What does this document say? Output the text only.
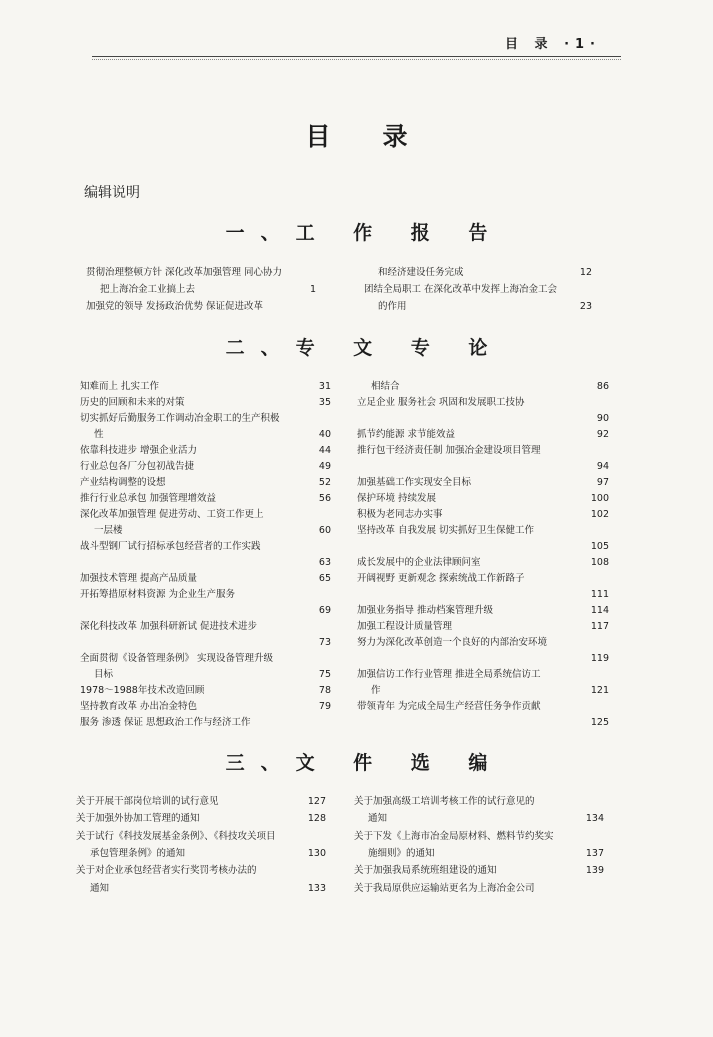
目 录 ·1·
目录
编辑说明
一、工 作 报 告
贯彻治理整顿方针 深化改革加强管理 同心协力
把上海冶金工业搞上去	1
加强党的领导 发扬政治优势 保证促进改革
和经济建设任务完成	12
团结全局职工 在深化改革中发挥上海冶金工会
的作用	23
二、专 文 专 论
知难而上 扎实工作	31
历史的回顾和未来的对策	35
切实抓好后勤服务工作调动冶金职工的生产积极
性	40
依靠科技进步 增强企业活力	44
行业总包各厂分包初战告捷	49
产业结构调整的设想	52
推行行业总承包 加强管理增效益	56
深化改革加强管理 促进劳动、工资工作更上
一层楼	60
战斗型钢厂试行招标承包经营者的工作实践
63
加强技术管理 提高产品质量	65
开拓筹措原材料资源 为企业生产服务
69
深化科技改革 加强科研新试 促进技术进步
73
全面贯彻《设备管理条例》 实现设备管理升级
目标	75
1978～1988年技术改造回顾	78
坚持教育改革 办出冶金特色	79
服务 渗透 保证 思想政治工作与经济工作
相结合	86
立足企业 服务社会 巩固和发展职工技协
90
抓节约能源 求节能效益	92
推行包干经济责任制 加强冶金建设项目管理
94
加强基础工作实现安全目标	97
保护环境 持续发展	100
积极为老同志办实事	102
坚持改革 自我发展 切实抓好卫生保健工作
105
成长发展中的企业法律顾问室	108
开阔视野 更新观念 探索统战工作新路子
111
加强业务指导 推动档案管理升级	114
加强工程设计质量管理	117
努力为深化改革创造一个良好的内部治安环境
119
加强信访工作行业管理 推进全局系统信访工
作	121
带领青年 为完成全局生产经营任务争作贡献
125
三、文 件 选 编
关于开展干部岗位培训的试行意见	127
关于加强外协加工管理的通知	128
关于试行《科技发展基金条例》、《科技攻关项目
承包管理条例》的通知	130
关于对企业承包经营者实行奖罚考核办法的
通知	133
关于加强高级工培训考核工作的试行意见的
通知	134
关于下发《上海市冶金局原材料、燃料节约奖实
施细则》的通知	137
关于加强我局系统班组建设的通知	139
关于我局原供应运输站更名为上海冶金公司
